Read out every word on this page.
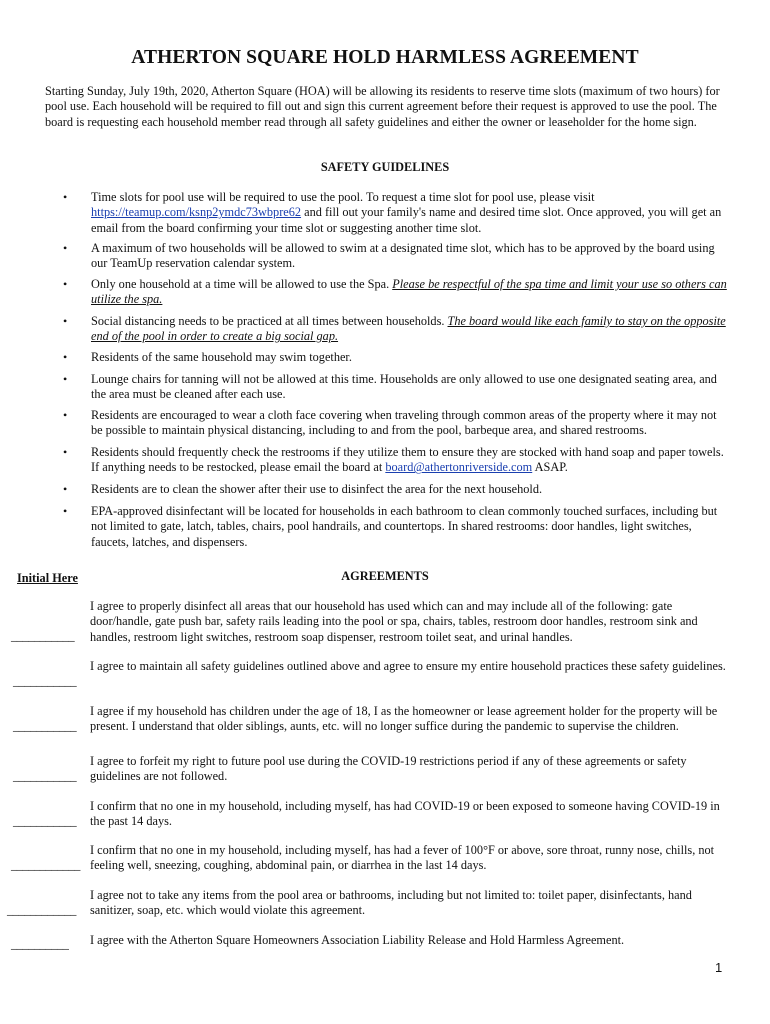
ATHERTON SQUARE HOLD HARMLESS AGREEMENT
Starting Sunday, July 19th, 2020, Atherton Square (HOA) will be allowing its residents to reserve time slots (maximum of two hours) for pool use. Each household will be required to fill out and sign this current agreement before their request is approved to use the pool. The board is requesting each household member read through all safety guidelines and either the owner or leaseholder for the home sign.
SAFETY GUIDELINES
•	Time slots for pool use will be required to use the pool. To request a time slot for pool use, please visit https://teamup.com/ksnp2ymdc73wbpre62 and fill out your family's name and desired time slot. Once approved, you will get an email from the board confirming your time slot or suggesting another time slot.
•	A maximum of two households will be allowed to swim at a designated time slot, which has to be approved by the board using our TeamUp reservation calendar system.
•	Only one household at a time will be allowed to use the Spa. Please be respectful of the spa time and limit your use so others can utilize the spa.
•	Social distancing needs to be practiced at all times between households. The board would like each family to stay on the opposite end of the pool in order to create a big social gap.
•	Residents of the same household may swim together.
•	Lounge chairs for tanning will not be allowed at this time. Households are only allowed to use one designated seating area, and the area must be cleaned after each use.
•	Residents are encouraged to wear a cloth face covering when traveling through common areas of the property where it may not be possible to maintain physical distancing, including to and from the pool, barbeque area, and shared restrooms.
•	Residents should frequently check the restrooms if they utilize them to ensure they are stocked with hand soap and paper towels. If anything needs to be restocked, please email the board at board@athertonriverside.com ASAP.
•	Residents are to clean the shower after their use to disinfect the area for the next household.
•	EPA-approved disinfectant will be located for households in each bathroom to clean commonly touched surfaces, including but not limited to gate, latch, tables, chairs, pool handrails, and countertops. In shared restrooms: door handles, light switches, faucets, latches, and dispensers.
Initial Here	AGREEMENTS
I agree to properly disinfect all areas that our household has used which can and may include all of the following: gate door/handle, gate push bar, safety rails leading into the pool or spa, chairs, tables, restroom door handles, restroom sink and handles, restroom light switches, restroom soap dispenser, restroom toilet seat, and urinal handles.
___________
I agree to maintain all safety guidelines outlined above and agree to ensure my entire household practices these safety guidelines.
___________
I agree if my household has children under the age of 18, I as the homeowner or lease agreement holder for the property will be present. I understand that older siblings, aunts, etc. will no longer suffice during the pandemic to supervise the children.
___________
I agree to forfeit my right to future pool use during the COVID-19 restrictions period if any of these agreements or safety guidelines are not followed.
___________
I confirm that no one in my household, including myself, has had COVID-19 or been exposed to someone having COVID-19 in the past 14 days.
___________
I confirm that no one in my household, including myself, has had a fever of 100°F or above, sore throat, runny nose, chills, not feeling well, sneezing, coughing, abdominal pain, or diarrhea in the last 14 days.
____________
I agree not to take any items from the pool area or bathrooms, including but not limited to: toilet paper, disinfectants, hand sanitizer, soap, etc. which would violate this agreement.
____________
I agree with the Atherton Square Homeowners Association Liability Release and Hold Harmless Agreement.
__________
1
